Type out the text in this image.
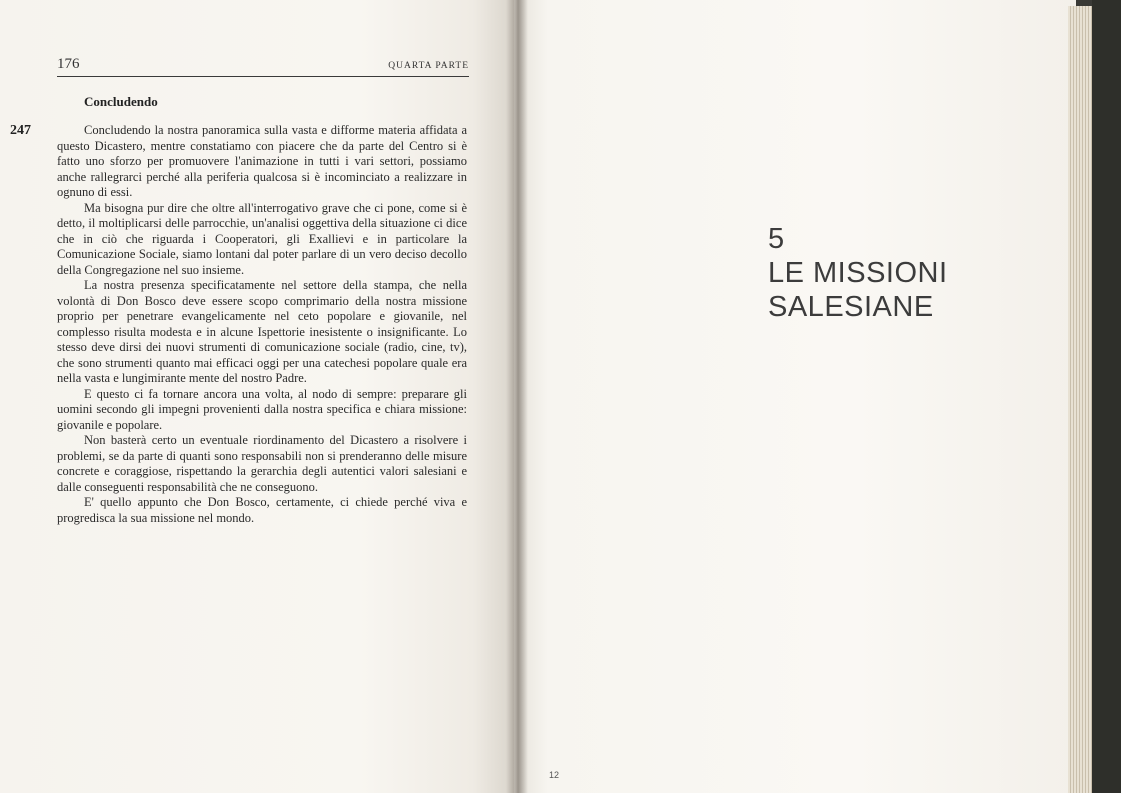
176	QUARTA PARTE
Concludendo
247	Concludendo la nostra panoramica sulla vasta e difforme materia affidata a questo Dicastero, mentre constatiamo con piacere che da parte del Centro si è fatto uno sforzo per promuovere l'animazione in tutti i vari settori, possiamo anche rallegrarci perché alla periferia qualcosa si è incominciato a realizzare in ognuno di essi.

Ma bisogna pur dire che oltre all'interrogativo grave che ci pone, come si è detto, il moltiplicarsi delle parrocchie, un'analisi oggettiva della situazione ci dice che in ciò che riguarda i Cooperatori, gli Exallievi e in particolare la Comunicazione Sociale, siamo lontani dal poter parlare di un vero deciso decollo della Congregazione nel suo insieme.

La nostra presenza specificatamente nel settore della stampa, che nella volontà di Don Bosco deve essere scopo comprimario della nostra missione proprio per penetrare evangelicamente nel ceto popolare e giovanile, nel complesso risulta modesta e in alcune Ispettorie inesistente o insignificante. Lo stesso deve dirsi dei nuovi strumenti di comunicazione sociale (radio, cine, tv), che sono strumenti quanto mai efficaci oggi per una catechesi popolare quale era nella vasta e lungimirante mente del nostro Padre.

E questo ci fa tornare ancora una volta, al nodo di sempre: preparare gli uomini secondo gli impegni provenienti dalla nostra specifica e chiara missione: giovanile e popolare.

Non basterà certo un eventuale riordinamento del Dicastero a risolvere i problemi, se da parte di quanti sono responsabili non si prenderanno delle misure concrete e coraggiose, rispettando la gerarchia degli autentici valori salesiani e dalle conseguenti responsabilità che ne conseguono.

E' quello appunto che Don Bosco, certamente, ci chiede perché viva e progredisca la sua missione nel mondo.

5
LE MISSIONI
SALESIANE
12
